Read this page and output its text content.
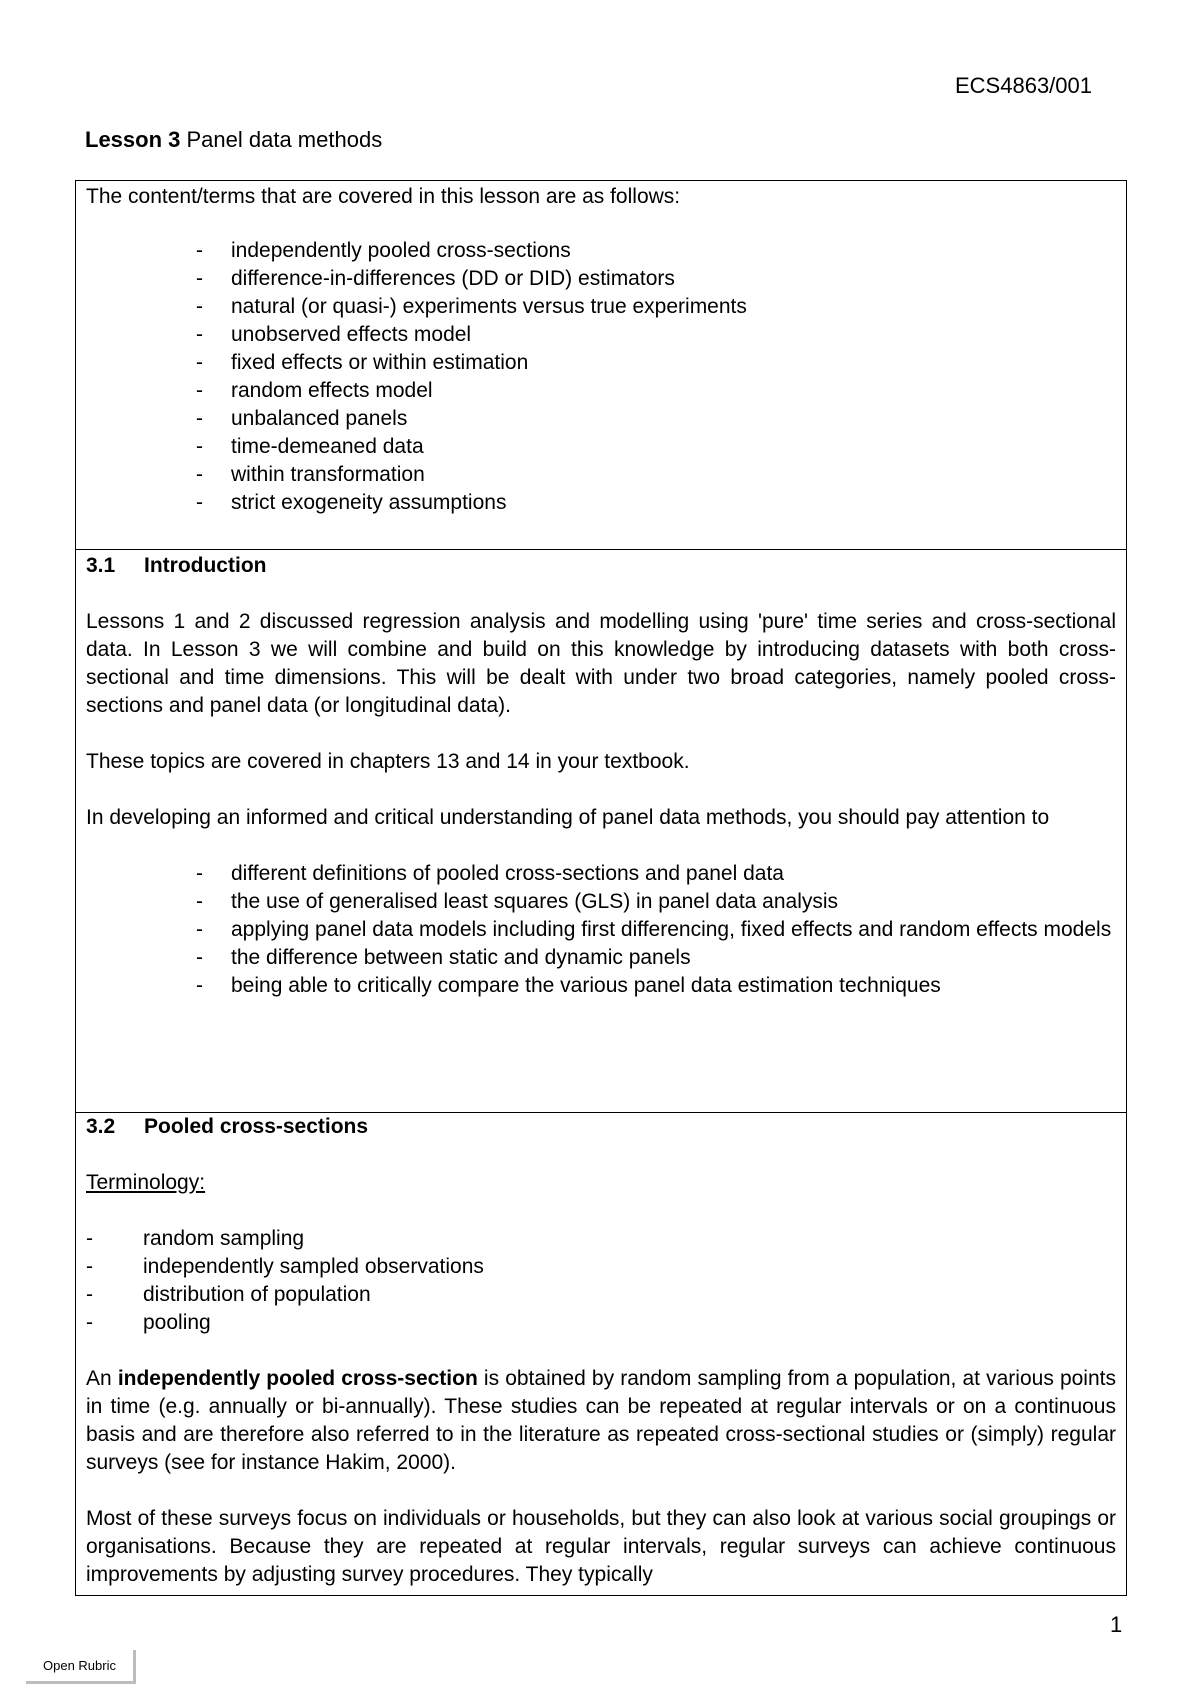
ECS4863/001
Lesson 3 Panel data methods

The content/terms that are covered in this lesson are as follows:

- independently pooled cross-sections
- difference-in-differences (DD or DID) estimators
- natural (or quasi-) experiments versus true experiments
- unobserved effects model
- fixed effects or within estimation
- random effects model
- unbalanced panels
- time-demeaned data
- within transformation
- strict exogeneity assumptions

3.1 Introduction

Lessons 1 and 2 discussed regression analysis and modelling using 'pure' time series and cross-sectional data. In Lesson 3 we will combine and build on this knowledge by introducing datasets with both cross- sectional and time dimensions. This will be dealt with under two broad categories, namely pooled cross-sections and panel data (or longitudinal data).

These topics are covered in chapters 13 and 14 in your textbook.

In developing an informed and critical understanding of panel data methods, you should pay attention to

- different definitions of pooled cross-sections and panel data
- the use of generalised least squares (GLS) in panel data analysis
- applying panel data models including first differencing, fixed effects and random effects models
- the difference between static and dynamic panels
- being able to critically compare the various panel data estimation techniques

3.2 Pooled cross-sections

Terminology:

- random sampling
- independently sampled observations
- distribution of population
- pooling

An independently pooled cross-section is obtained by random sampling from a population, at various points in time (e.g. annually or bi-annually). These studies can be repeated at regular intervals or on a continuous basis and are therefore also referred to in the literature as repeated cross-sectional studies or (simply) regular surveys (see for instance Hakim, 2000).

Most of these surveys focus on individuals or households, but they can also look at various social groupings or organisations. Because they are repeated at regular intervals, regular surveys can achieve continuous improvements by adjusting survey procedures. They typically

1
Open Rubric
